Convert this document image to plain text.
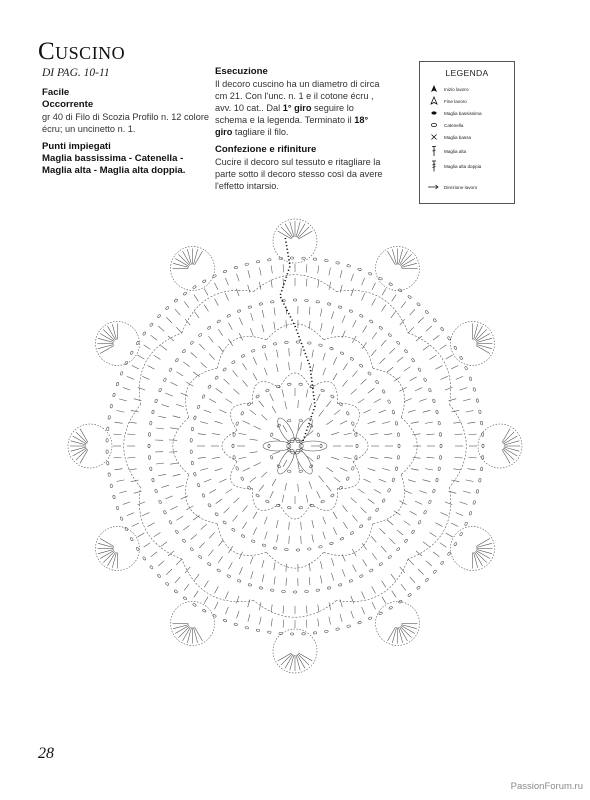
Cuscino
DI PAG. 10-11
Facile
Occorrente
gr 40 di Filo di Scozia Profilo n. 12 colore écru; un uncinetto n. 1.
Punti impiegati
Maglia bassissima - Catenella - Maglia alta - Maglia alta doppia.
Esecuzione
Il decoro cuscino ha un diametro di circa cm 21. Con l'unc. n. 1 e il cotone écru , avv. 10 cat.. Dal 1° giro seguire lo schema e la legenda. Terminato il 18° giro tagliare il filo.
Confezione e rifiniture
Cucire il decoro sul tessuto e ritagliare la parte sotto il decoro stesso così da avere l'effetto intarsio.
LEGENDA
Inizio lavoro
Fine lavoro
Maglia bassissima
Catenella
Maglia bassa
Maglia alta
Maglia alta doppia
Direzione lavoro
28
PassionForum.ru
